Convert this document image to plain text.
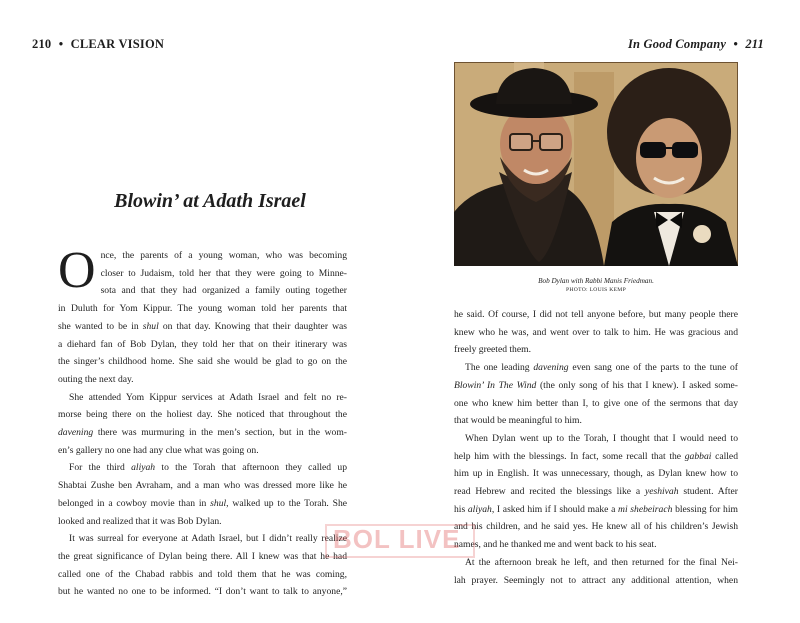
210 • CLEAR VISION
Blowin’ at Adath Israel
O nce, the parents of a young woman, who was becoming
closer to Judaism, told her that they were going to Minne-
sota and that they had organized a family outing together
in Duluth for Yom Kippur. The young woman told her parents that
she wanted to be in shul on that day. Knowing that their daughter was
a diehard fan of Bob Dylan, they told her that on their itinerary was
the singer’s childhood home. She said she would be glad to go on the
outing the next day.
She attended Yom Kippur services at Adath Israel and felt no re-
morse being there on the holiest day. She noticed that throughout the
davening there was murmuring in the men’s section, but in the wom-
en’s gallery no one had any clue what was going on.
For the third aliyah to the Torah that afternoon they called up
Shabtai Zushe ben Avraham, and a man who was dressed more like he
belonged in a cowboy movie than in shul, walked up to the Torah. She
looked and realized that it was Bob Dylan.
It was surreal for everyone at Adath Israel, but I didn’t really realize
the great significance of Dylan being there. All I knew was that he had
called one of the Chabad rabbis and told them that he was coming,
but he wanted no one to be informed. “I don’t want to talk to anyone,”
In Good Company • 211
Bob Dylan with Rabbi Manis Friedman.
PHOTO: LOUIS KEMP
he said. Of course, I did not tell anyone before, but many people there
knew who he was, and went over to talk to him. He was gracious and
freely greeted them.
The one leading davening even sang one of the parts to the tune of
Blowin’ In The Wind (the only song of his that I knew). I asked some-
one who knew him better than I, to give one of the sermons that day
that would be meaningful to him.
When Dylan went up to the Torah, I thought that I would need to
help him with the blessings. In fact, some recall that the gabbai called
him up in English. It was unnecessary, though, as Dylan knew how to
read Hebrew and recited the blessings like a yeshivah student. After
his aliyah, I asked him if I should make a mi shebeirach blessing for him
and his children, and he said yes. He knew all of his children’s Jewish
names, and he thanked me and went back to his seat.
At the afternoon break he left, and then returned for the final Nei-
lah prayer. Seemingly not to attract any additional attention, when
BOL LIVE
